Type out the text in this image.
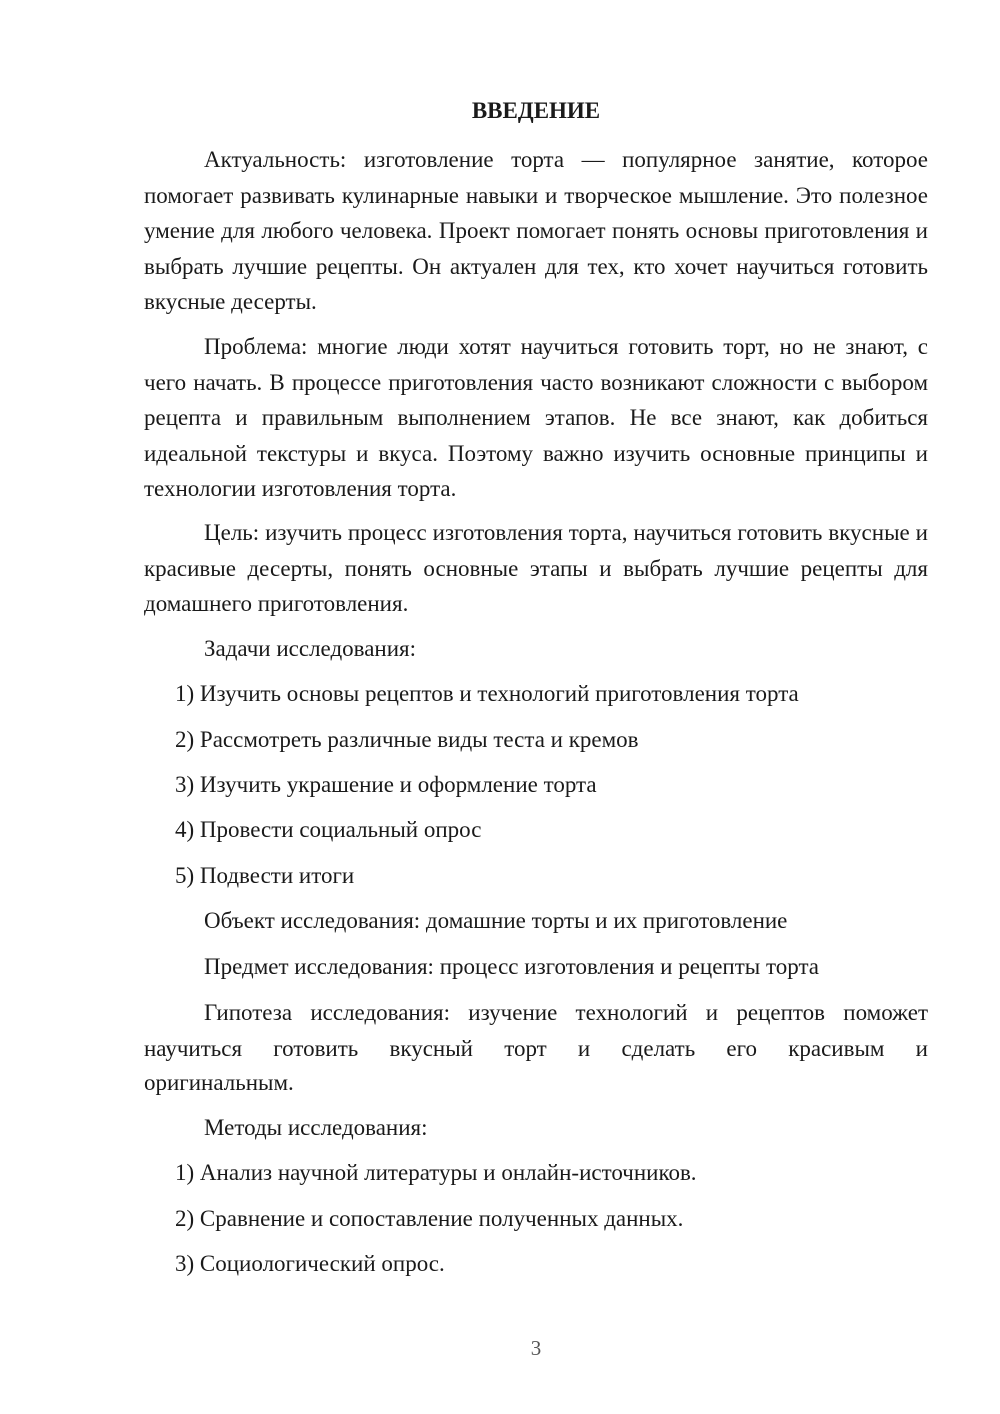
ВВЕДЕНИЕ

Актуальность: изготовление торта — популярное занятие, которое помогает развивать кулинарные навыки и творческое мышление. Это полезное умение для любого человека. Проект помогает понять основы приготовления и выбрать лучшие рецепты. Он актуален для тех, кто хочет научиться готовить вкусные десерты.

Проблема: многие люди хотят научиться готовить торт, но не знают, с чего начать. В процессе приготовления часто возникают сложности с выбором рецепта и правильным выполнением этапов. Не все знают, как добиться идеальной текстуры и вкуса. Поэтому важно изучить основные принципы и технологии изготовления торта.

Цель: изучить процесс изготовления торта, научиться готовить вкусные и красивые десерты, понять основные этапы и выбрать лучшие рецепты для домашнего приготовления.

Задачи исследования:

1) Изучить основы рецептов и технологий приготовления торта

2) Рассмотреть различные виды теста и кремов

3) Изучить украшение и оформление торта

4) Провести социальный опрос

5) Подвести итоги

Объект исследования: домашние торты и их приготовление

Предмет исследования: процесс изготовления и рецепты торта

Гипотеза исследования: изучение технологий и рецептов поможет научиться готовить вкусный торт и сделать его красивым и

оригинальным.

Методы исследования:

1) Анализ научной литературы и онлайн-источников.

2) Сравнение и сопоставление полученных данных.

3) Социологический опрос.

3
